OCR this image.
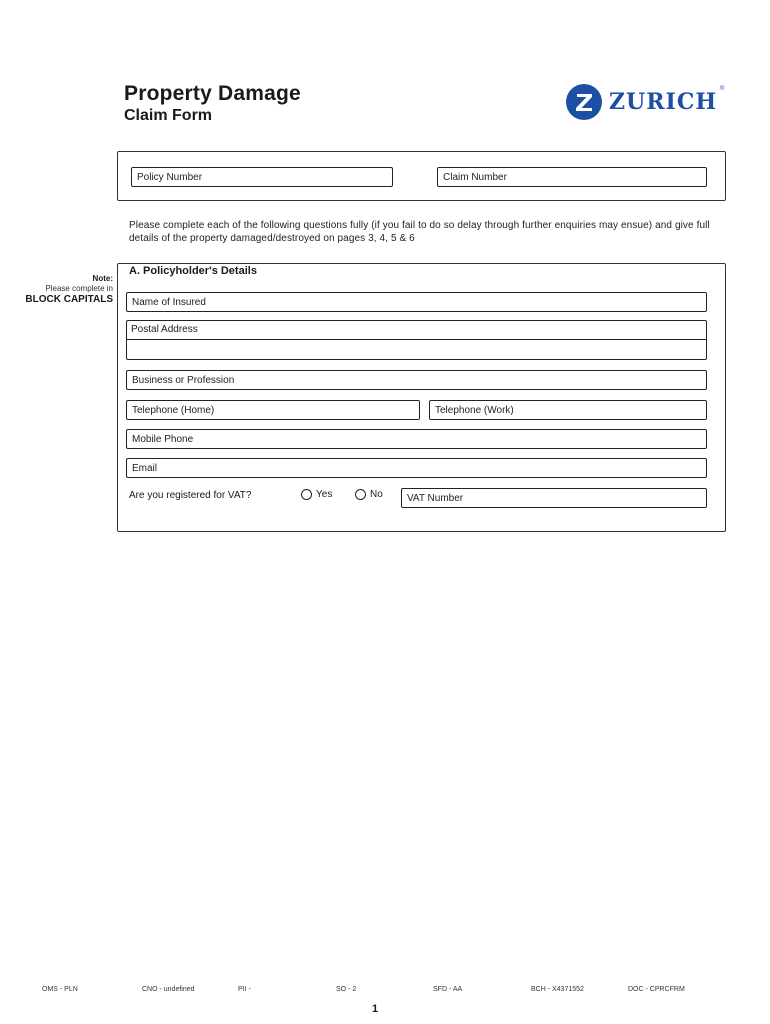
Property Damage
Claim Form
ZURICH ®
Policy Number	Claim Number
Please complete each of the following questions fully (if you fail to do so delay through further enquiries may ensue) and give full details of the property damaged/destroyed on pages 3, 4, 5 & 6
Note:
Please complete in
BLOCK CAPITALS
A. Policyholder's Details
Name of Insured
Postal Address
Business or Profession
Telephone (Home)	Telephone (Work)
Mobile Phone
Email
Are you registered for VAT?	Yes	No VAT Number
OMS - PLN	CNO - undefined	PII -	SO - 2	SFD - AA	BCH - X4371552	DOC - CPRCFRM
1
